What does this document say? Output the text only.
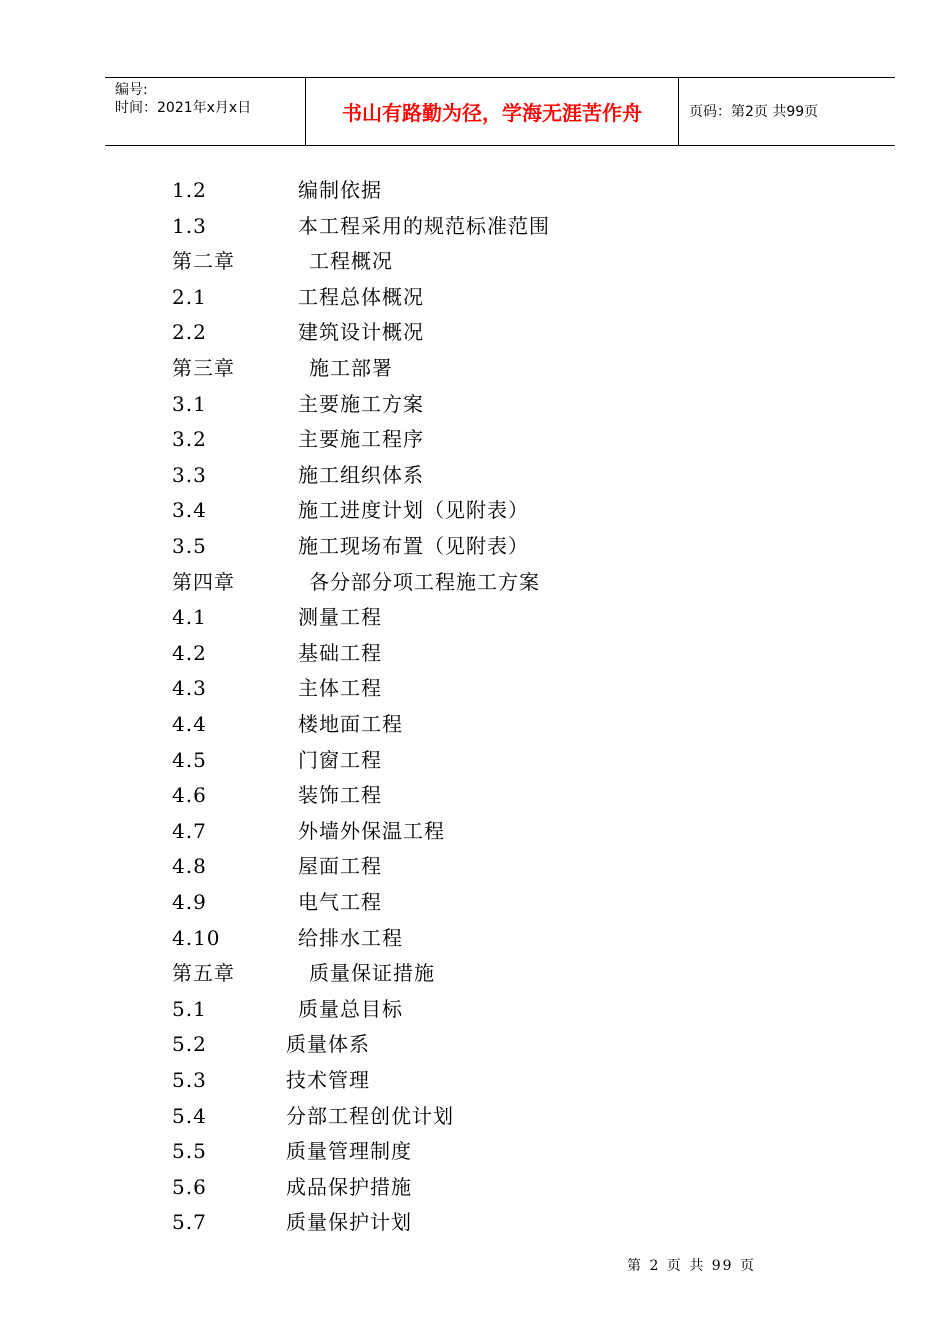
编号:
时间：2021年x月x日	书山有路勤为径，学海无涯苦作舟	页码：第2页 共99页
1.2	编制依据
1.3	本工程采用的规范标准范围
第二章	工程概况
2.1	工程总体概况
2.2	建筑设计概况
第三章	施工部署
3.1	主要施工方案
3.2	主要施工程序
3.3	施工组织体系
3.4	施工进度计划（见附表）
3.5	施工现场布置（见附表）
第四章	各分部分项工程施工方案
4.1	测量工程
4.2	基础工程
4.3	主体工程
4.4	楼地面工程
4.5	门窗工程
4.6	装饰工程
4.7	外墙外保温工程
4.8	屋面工程
4.9	电气工程
4.10	给排水工程
第五章	质量保证措施
5.1	质量总目标
5.2	质量体系
5.3	技术管理
5.4	分部工程创优计划
5.5	质量管理制度
5.6	成品保护措施
5.7	质量保护计划
第 2 页 共 99 页
